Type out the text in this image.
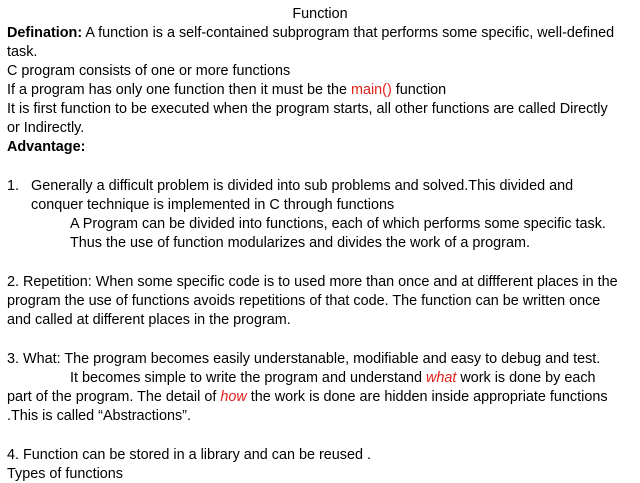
Function
Defination: A function is a self-contained subprogram that performs some specific, well-defined
task.
C program consists of one or more functions
If a program has only one function then it must be the main() function
It is first function to be executed when the program starts, all other functions are called Directly
or Indirectly.
Advantage:
1. Generally a difficult problem is divided into sub problems and solved.This divided and
conquer technique is implemented in C through functions
A Program can be divided into functions, each of which performs some specific task.
Thus the use of function modularizes and divides the work of a program.
2. Repetition: When some specific code is to used more than once and at diffferent places in the
program the use of functions avoids repetitions of that code. The function can be written once
and called at different places in the program.
3. What: The program becomes easily understanable, modifiable and easy to debug and test.
It becomes simple to write the program and understand what work is done by each
part of the program. The detail of how the work is done are hidden inside appropriate functions
.This is called “Abstractions”.
4. Function can be stored in a library and can be reused .
Types of functions
